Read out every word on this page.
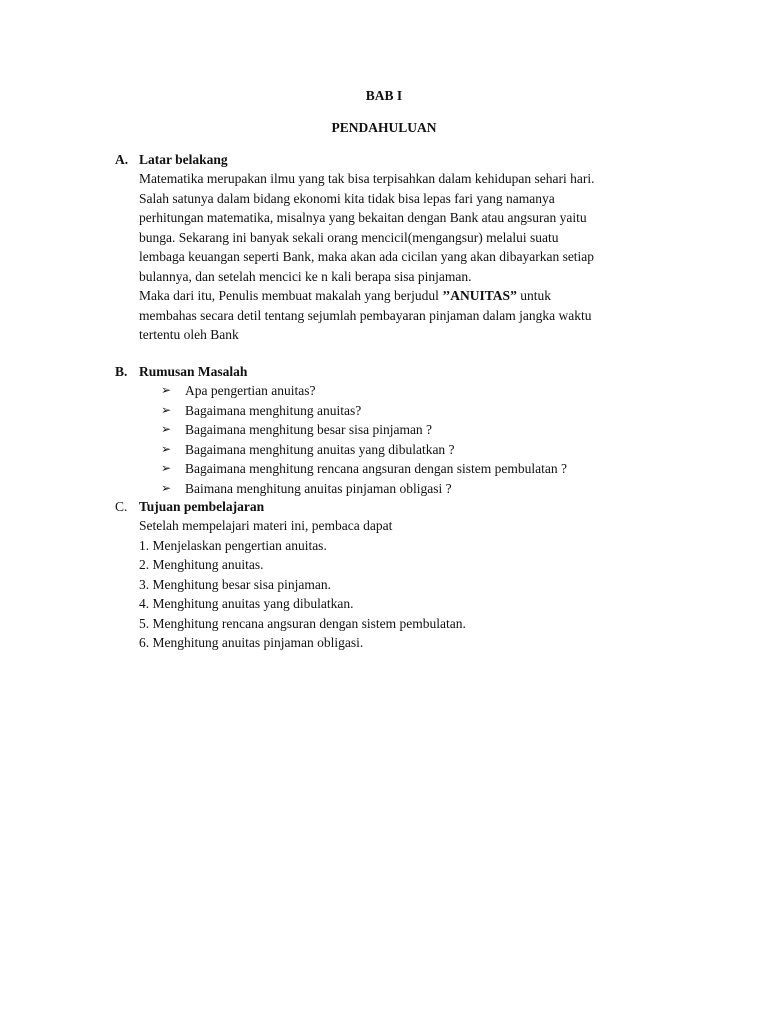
BAB I
PENDAHULUAN
A. Latar belakang
Matematika merupakan ilmu yang tak bisa terpisahkan dalam kehidupan sehari hari.
Salah satunya dalam bidang ekonomi kita tidak bisa lepas fari yang namanya
perhitungan matematika, misalnya yang bekaitan dengan Bank atau angsuran yaitu
bunga. Sekarang ini banyak sekali orang mencicil(mengangsur) melalui suatu
lembaga keuangan seperti Bank, maka akan ada cicilan yang akan dibayarkan setiap
bulannya, dan setelah mencici ke n kali berapa sisa pinjaman.
Maka dari itu, Penulis membuat makalah yang berjudul ’’ANUITAS” untuk
membahas secara detil tentang sejumlah pembayaran pinjaman dalam jangka waktu
tertentu oleh Bank
B. Rumusan Masalah
➢	Apa pengertian anuitas?
➢	Bagaimana menghitung anuitas?
➢	Bagaimana menghitung besar sisa pinjaman ?
➢	Bagaimana menghitung anuitas yang dibulatkan ?
➢	Bagaimana menghitung rencana angsuran dengan sistem pembulatan ?
➢	Baimana menghitung anuitas pinjaman obligasi ?
C. Tujuan pembelajaran
Setelah mempelajari materi ini, pembaca dapat
1. Menjelaskan pengertian anuitas.
2. Menghitung anuitas.
3. Menghitung besar sisa pinjaman.
4. Menghitung anuitas yang dibulatkan.
5. Menghitung rencana angsuran dengan sistem pembulatan.
6. Menghitung anuitas pinjaman obligasi.
